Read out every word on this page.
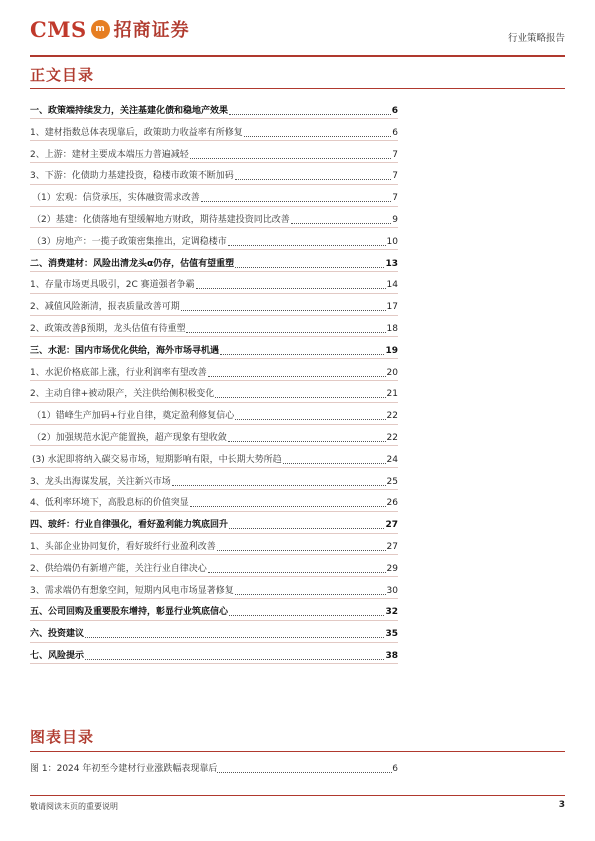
CMS m 招商证券	行业策略报告
正文目录
一、政策端持续发力，关注基建化债和稳地产效果	6
1、建材指数总体表现靠后，政策助力收益率有所修复	6
2、上游：建材主要成本端压力普遍减轻	7
3、下游：化债助力基建投资，稳楼市政策不断加码	7
（1）宏观：信贷承压，实体融资需求改善	7
（2）基建：化债落地有望缓解地方财政，期待基建投资同比改善	9
（3）房地产：一揽子政策密集推出，定调稳楼市	10
二、消费建材：风险出清龙头α仍存，估值有望重塑	13
1、存量市场更具吸引，2C 赛道强者争霸	14
2、减值风险渐清，报表质量改善可期	17
2、政策改善β预期，龙头估值有待重塑	18
三、水泥：国内市场优化供给，海外市场寻机遇	19
1、水泥价格底部上涨，行业利润率有望改善	20
2、主动自律+被动限产，关注供给侧积极变化	21
（1）错峰生产加码+行业自律，奠定盈利修复信心	22
（2）加强规范水泥产能置换，超产现象有望收敛	22
(3) 水泥即将纳入碳交易市场，短期影响有限，中长期大势所趋	24
3、龙头出海谋发展，关注新兴市场	25
4、低利率环境下，高股息标的价值突显	26
四、玻纤：行业自律强化，看好盈利能力筑底回升	27
1、头部企业协同复价，看好玻纤行业盈利改善	27
2、供给端仍有新增产能，关注行业自律决心	29
3、需求端仍有想象空间，短期内风电市场显著修复	30
五、公司回购及重要股东增持，彰显行业筑底信心	32
六、投资建议	35
七、风险提示	38
图表目录
图 1：2024 年初至今建材行业涨跌幅表现靠后	6
敬请阅读末页的重要说明	3
